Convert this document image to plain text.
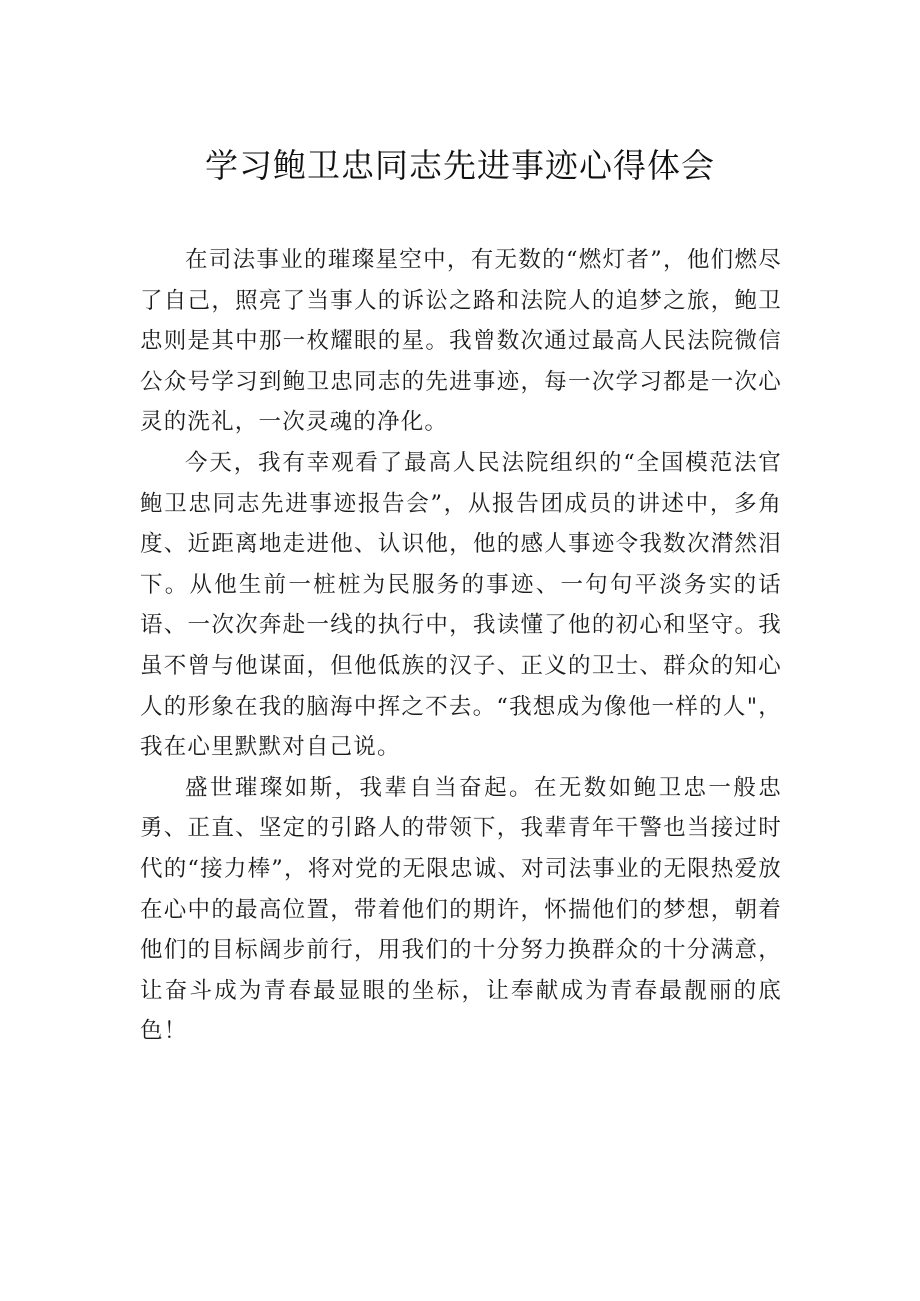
学习鲍卫忠同志先进事迹心得体会

在司法事业的璀璨星空中，有无数的“燃灯者”，他们燃尽了自己，照亮了当事人的诉讼之路和法院人的追梦之旅，鲍卫忠则是其中那一枚耀眼的星。我曾数次通过最高人民法院微信公众号学习到鲍卫忠同志的先进事迹，每一次学习都是一次心灵的洗礼，一次灵魂的净化。

今天，我有幸观看了最高人民法院组织的“全国模范法官鲍卫忠同志先进事迹报告会”，从报告团成员的讲述中，多角度、近距离地走进他、认识他，他的感人事迹令我数次潸然泪下。从他生前一桩桩为民服务的事迹、一句句平淡务实的话语、一次次奔赴一线的执行中，我读懂了他的初心和坚守。我虽不曾与他谋面，但他低族的汉子、正义的卫士、群众的知心人的形象在我的脑海中挥之不去。“我想成为像他一样的人"，我在心里默默对自己说。

盛世璀璨如斯，我辈自当奋起。在无数如鲍卫忠一般忠勇、正直、坚定的引路人的带领下，我辈青年干警也当接过时代的“接力棒”，将对党的无限忠诚、对司法事业的无限热爱放在心中的最高位置，带着他们的期许，怀揣他们的梦想，朝着他们的目标阔步前行，用我们的十分努力换群众的十分满意，让奋斗成为青春最显眼的坐标，让奉献成为青春最靓丽的底色！
